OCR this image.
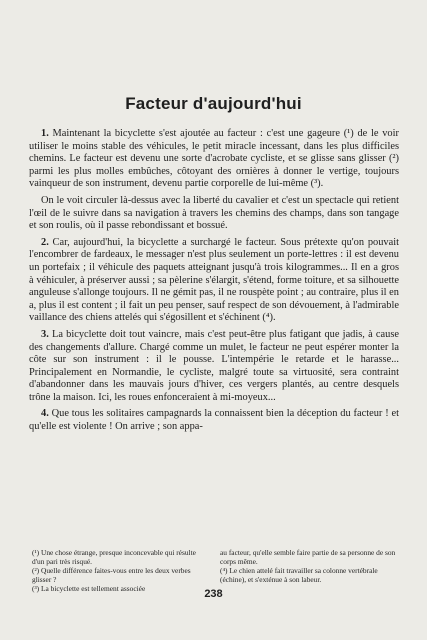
Facteur d'aujourd'hui

1. Maintenant la bicyclette s'est ajoutée au facteur : c'est une gageure (¹) de le voir utiliser le moins stable des véhicules, le petit miracle incessant, dans les plus difficiles chemins. Le facteur est devenu une sorte d'acrobate cycliste, et se glisse sans glisser (²) parmi les plus molles embûches, côtoyant des ornières à donner le vertige, toujours vainqueur de son instrument, devenu partie corporelle de lui-même (³).

On le voit circuler là-dessus avec la liberté du cavalier et c'est un spectacle qui retient l'œil de le suivre dans sa navigation à travers les chemins des champs, dans son tangage et son roulis, où il passe rebondissant et bossué.

2. Car, aujourd'hui, la bicyclette a surchargé le facteur. Sous prétexte qu'on pouvait l'encombrer de fardeaux, le messager n'est plus seulement un porte-lettres : il est devenu un portefaix ; il véhicule des paquets atteignant jusqu'à trois kilogrammes... Il en a gros à véhiculer, à préserver aussi ; sa pèlerine s'élargit, s'étend, forme toiture, et sa silhouette anguleuse s'allonge toujours. Il ne gémit pas, il ne rouspète point ; au contraire, plus il en a, plus il est content ; il fait un peu penser, sauf respect de son dévouement, à l'admirable vaillance des chiens attelés qui s'égosillent et s'échinent (⁴).

3. La bicyclette doit tout vaincre, mais c'est peut-être plus fatigant que jadis, à cause des changements d'allure. Chargé comme un mulet, le facteur ne peut espérer monter la côte sur son instrument : il le pousse. L'intempérie le retarde et le harasse... Principalement en Normandie, le cycliste, malgré toute sa virtuosité, sera contraint d'abandonner dans les mauvais jours d'hiver, ces vergers plantés, au centre desquels trône la maison. Ici, les roues enfonceraient à mi-moyeux...

4. Que tous les solitaires campagnards la connaissent bien la déception du facteur ! et qu'elle est violente ! On arrive ; son appa-

(¹) Une chose étrange, presque inconcevable qui résulte d'un pari très risqué.

(²) Quelle différence faites-vous entre les deux verbes glisser ?

(³) La bicyclette est tellement associée

au facteur, qu'elle semble faire partie de sa personne de son corps même.

(⁴) Le chien attelé fait travailler sa colonne vertébrale (échine), et s'exténue à son labeur.

238
